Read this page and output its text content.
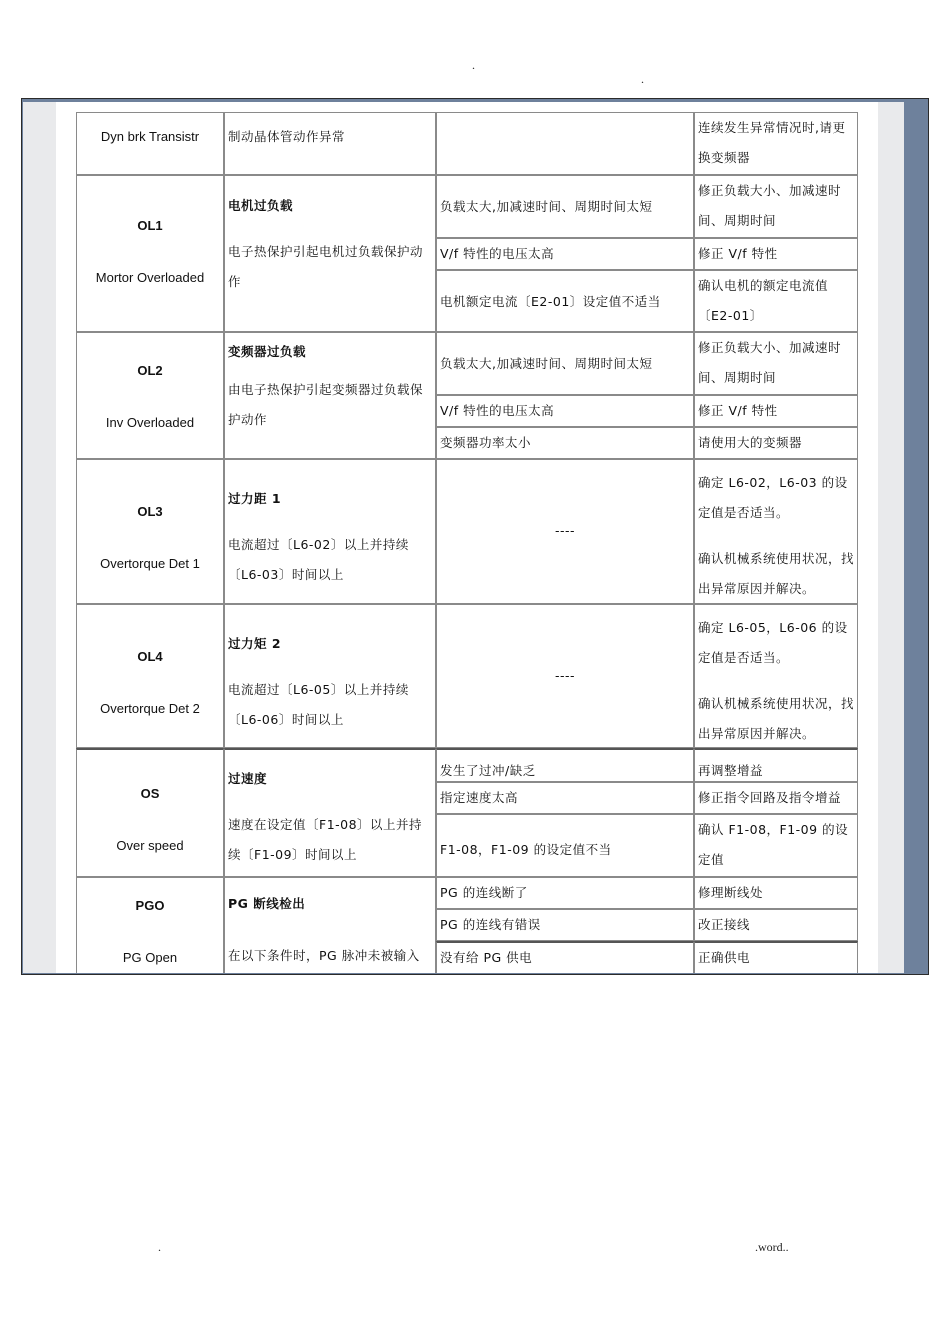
.
.
Dyn brk Transistr	制动晶体管动作异常
连续发生异常情况时,请更换变频器
OL1
Mortor Overloaded
电机过负载
电子热保护引起电机过负载保护动作
负载太大,加减速时间、周期时间太短
V/f 特性的电压太高
电机额定电流〔E2-01〕设定值不适当
修正负载大小、加减速时间、周期时间
修正 V/f 特性
确认电机的额定电流值〔E2-01〕
OL2
Inv Overloaded
变频器过负载
由电子热保护引起变频器过负载保护动作
负载太大,加减速时间、周期时间太短
V/f 特性的电压太高
变频器功率太小
修正负载大小、加减速时间、周期时间
修正 V/f 特性
请使用大的变频器
OL3
Overtorque Det 1
过力距 1
电流超过〔L6-02〕以上并持续〔L6-03〕时间以上
----
确定 L6-02，L6-03 的设定值是否适当。
确认机械系统使用状况，找出异常原因并解决。
OL4
Overtorque Det 2
过力矩 2
电流超过〔L6-05〕以上并持续〔L6-06〕时间以上
----
确定 L6-05，L6-06 的设定值是否适当。
确认机械系统使用状况，找出异常原因并解决。
OS
Over speed
过速度
速度在设定值〔F1-08〕以上并持续〔F1-09〕时间以上
发生了过冲/缺乏
指定速度太高
F1-08，F1-09 的设定值不当
再调整增益
修正指令回路及指令增益
确认 F1-08，F1-09 的设定值
PGO
PG Open
PG 断线检出
在以下条件时，PG 脉冲未被输入
PG 的连线断了
PG 的连线有错误
没有给 PG 供电
修理断线处
改正接线
正确供电
.	.word..
